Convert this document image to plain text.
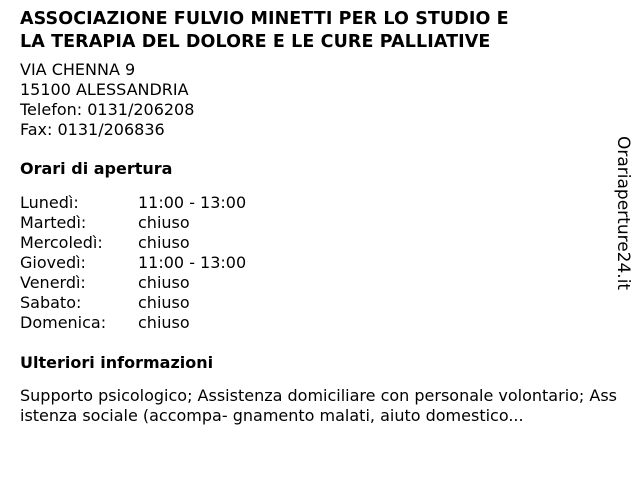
ASSOCIAZIONE FULVIO MINETTI PER LO STUDIO E
LA TERAPIA DEL DOLORE E LE CURE PALLIATIVE
VIA CHENNA 9
15100 ALESSANDRIA
Telefon: 0131/206208
Fax: 0131/206836
Orari di apertura
Lunedì:	11:00 - 13:00
Martedì:	chiuso
Mercoledì:	chiuso
Giovedì:	11:00 - 13:00
Venerdì:	chiuso
Sabato:	chiuso
Domenica:	chiuso
Ulteriori informazioni
Supporto psicologico; Assistenza domiciliare con personale volontario; Assistenza sociale (accompa- gnamento malati, aiuto domestico...
Orariaperture24.it
